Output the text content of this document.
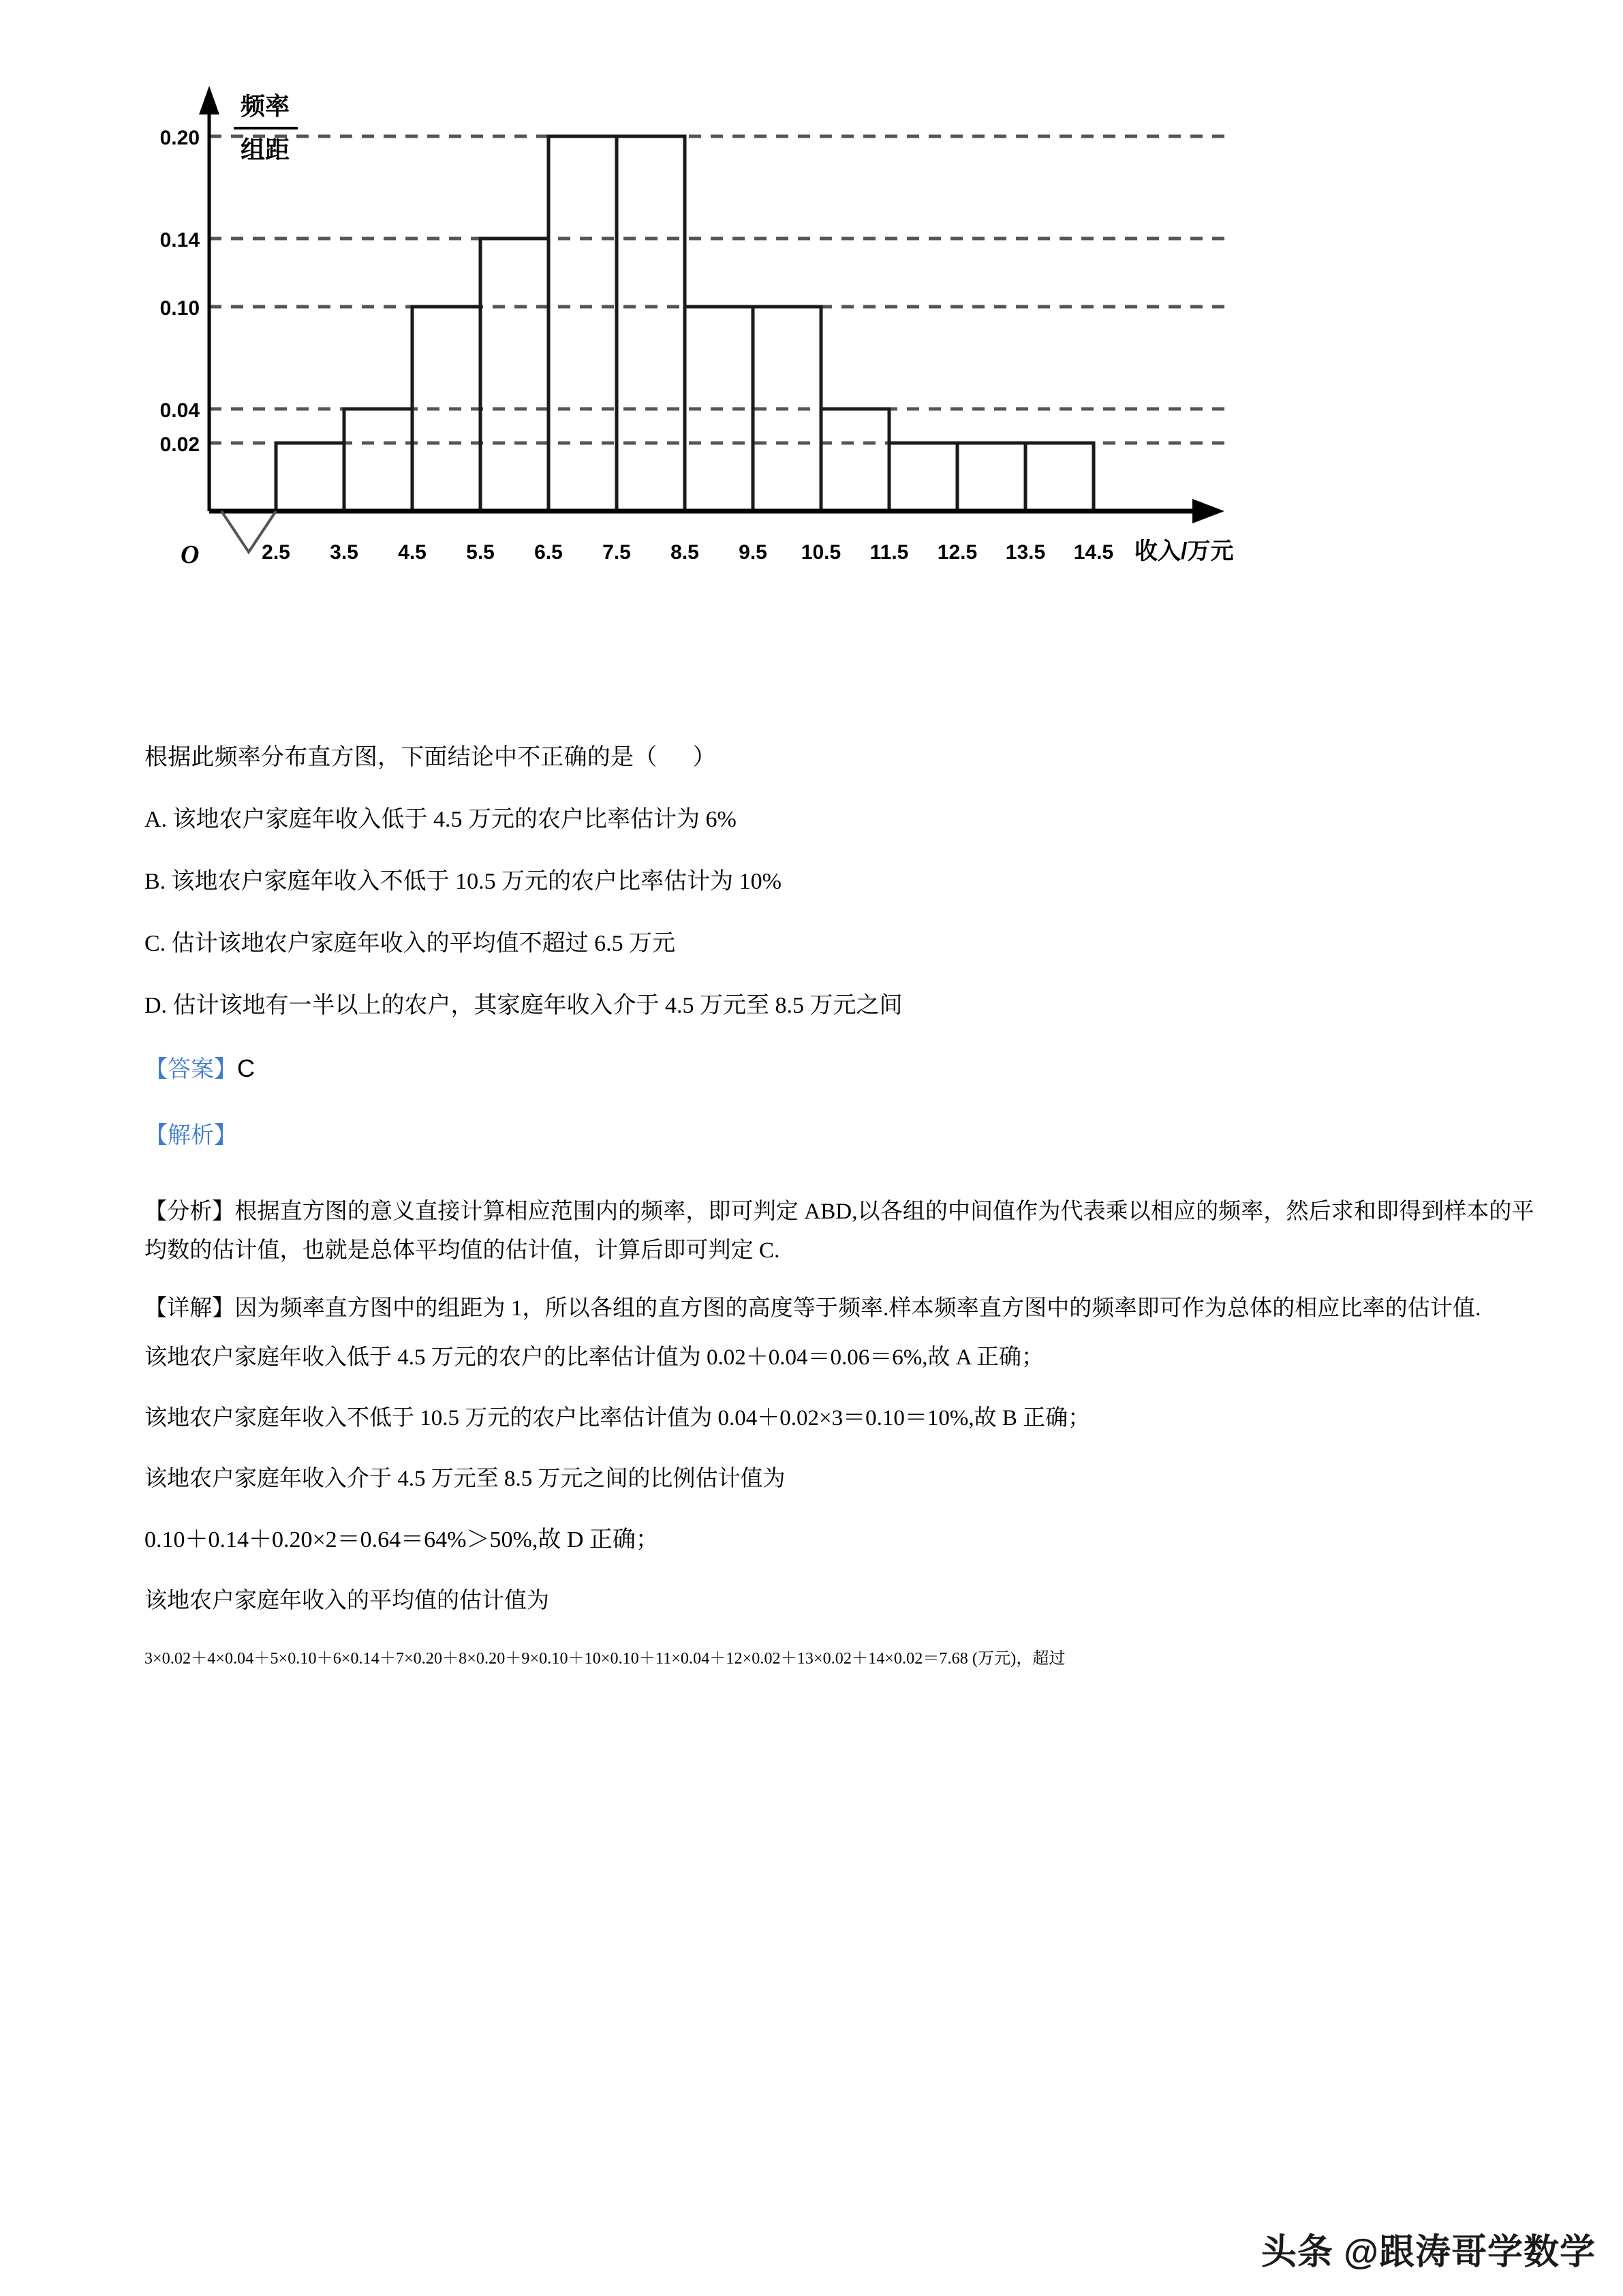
频率
组距
0.20
0.14
0.10
0.04
0.02
O	2.5 3.5 4.5 5.5 6.5 7.5 8.5 9.5 10.5 11.5 12.5 13.5 14.5 收入/万元

根据此频率分布直方图，下面结论中不正确的是（      ）

A. 该地农户家庭年收入低于 4.5 万元的农户比率估计为 6%

B. 该地农户家庭年收入不低于 10.5 万元的农户比率估计为 10%

C. 估计该地农户家庭年收入的平均值不超过 6.5 万元

D. 估计该地有一半以上的农户，其家庭年收入介于 4.5 万元至 8.5 万元之间

【答案】C

【解析】

【分析】根据直方图的意义直接计算相应范围内的频率，即可判定 ABD,以各组的中间值作为代表乘以相应的频率，然后求和即得到样本的平均数的估计值，也就是总体平均值的估计值，计算后即可判定 C.

【详解】因为频率直方图中的组距为 1，所以各组的直方图的高度等于频率.样本频率直方图中的频率即可作为总体的相应比率的估计值.

该地农户家庭年收入低于 4.5 万元的农户的比率估计值为 0.02＋0.04＝0.06＝6%,故 A 正确；

该地农户家庭年收入不低于 10.5 万元的农户比率估计值为 0.04＋0.02×3＝0.10＝10%,故 B 正确；

该地农户家庭年收入介于 4.5 万元至 8.5 万元之间的比例估计值为

0.10＋0.14＋0.20×2＝0.64＝64%＞50%,故 D 正确；

该地农户家庭年收入的平均值的估计值为

3×0.02＋4×0.04＋5×0.10＋6×0.14＋7×0.20＋8×0.20＋9×0.10＋10×0.10＋11×0.04＋12×0.02＋13×0.02＋14×0.02＝7.68 (万元)，超过

头条 @跟涛哥学数学
